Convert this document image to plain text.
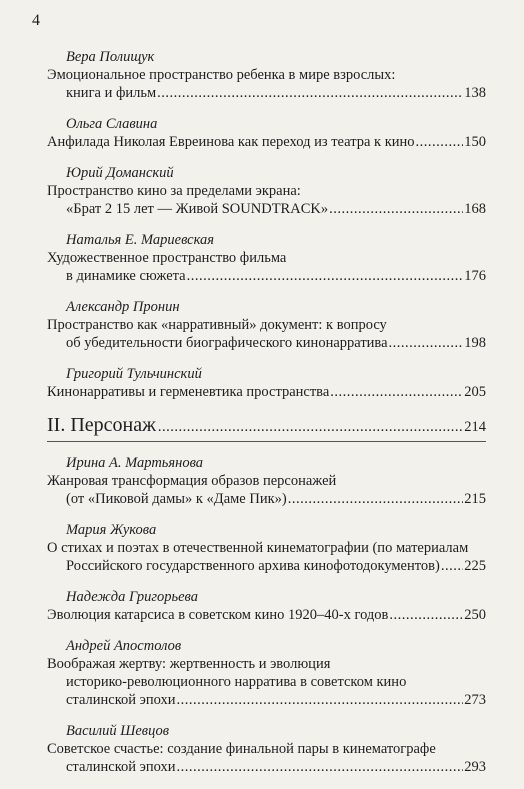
4
Вера Полищук
Эмоциональное пространство ребенка в мире взрослых:
книга и фильм .....	138
Ольга Славина
Анфилада Николая Евреинова как переход из театра к кино .....	150
Юрий Доманский
Пространство кино за пределами экрана:
«Брат 2 15 лет — Живой SOUNDTRACK» .....	168
Наталья Е. Мариевская
Художественное пространство фильма
в динамике сюжета .....	176
Александр Пронин
Пространство как «нарративный» документ: к вопросу
об убедительности биографического кинонарратива .....	198
Григорий Тульчинский
Кинонарративы и герменевтика пространства .....	205
II. Персонаж .....	214
Ирина А. Мартьянова
Жанровая трансформация образов персонажей
(от «Пиковой дамы» к «Даме Пик») .....	215
Мария Жукова
О стихах и поэтах в отечественной кинематографии (по материалам
Российского государственного архива кинофотодокументов) ..... 225
Надежда Григорьева
Эволюция катарсиса в советском кино 1920–40-х годов .....	250
Андрей Апостолов
Воображая жертву: жертвенность и эволюция
историко-революционного нарратива в советском кино
сталинской эпохи .....	273
Василий Шевцов
Советское счастье: создание финальной пары в кинематографе
сталинской эпохи .....	293
